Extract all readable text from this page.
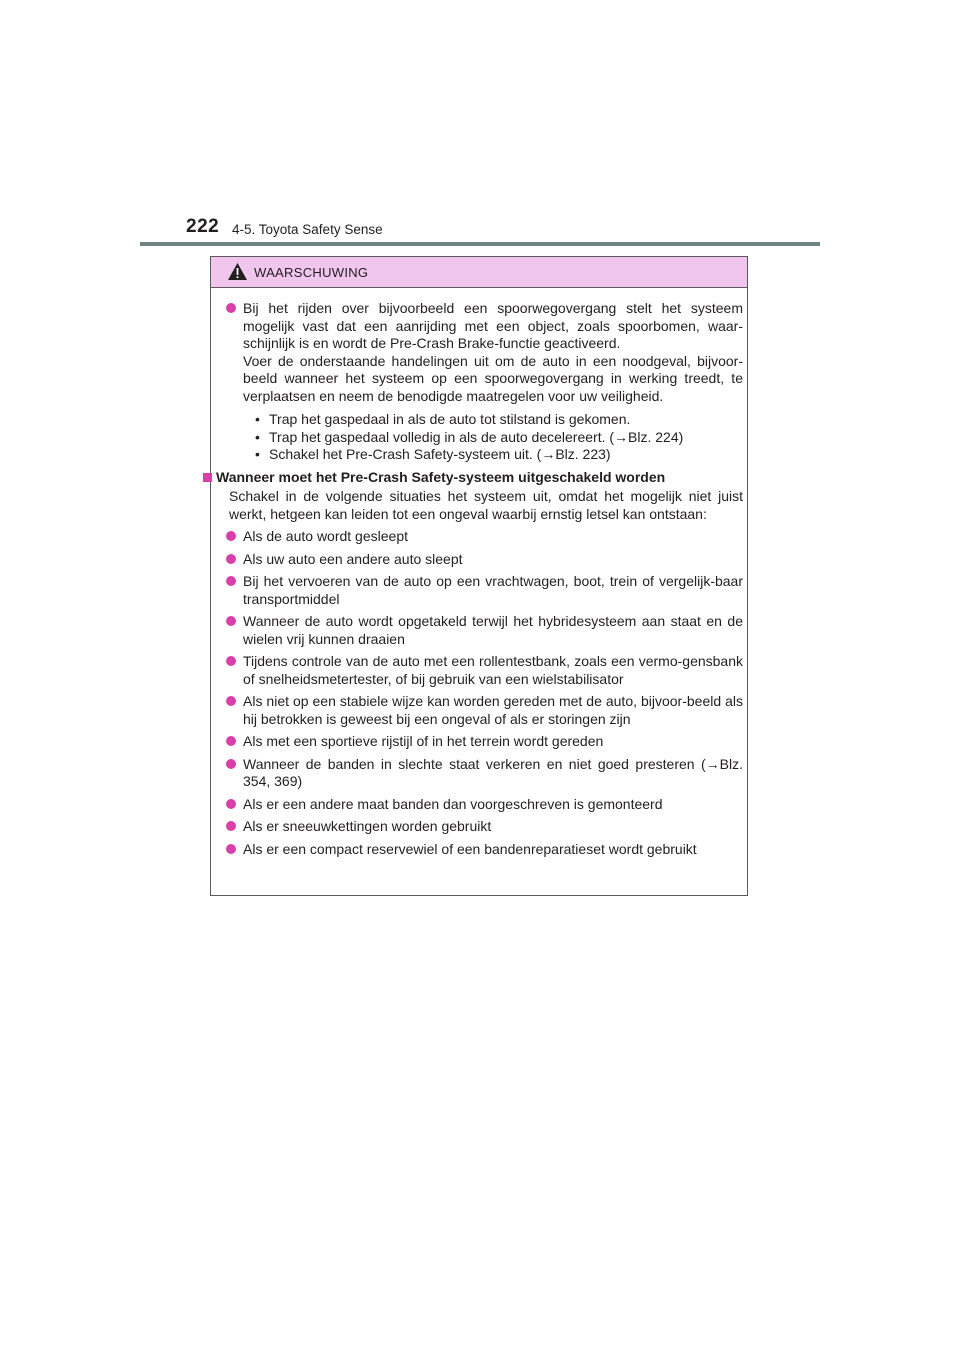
222 4-5. Toyota Safety Sense
WAARSCHUWING

Bij het rijden over bijvoorbeeld een spoorwegovergang stelt het systeem mogelijk vast dat een aanrijding met een object, zoals spoorbomen, waar-schijnlijk is en wordt de Pre-Crash Brake-functie geactiveerd.

Voer de onderstaande handelingen uit om de auto in een noodgeval, bijvoor-beeld wanneer het systeem op een spoorwegovergang in werking treedt, te verplaatsen en neem de benodigde maatregelen voor uw veiligheid.

• Trap het gaspedaal in als de auto tot stilstand is gekomen.
• Trap het gaspedaal volledig in als de auto decelereert. (→Blz. 224)
• Schakel het Pre-Crash Safety-systeem uit. (→Blz. 223)
Wanneer moet het Pre-Crash Safety-systeem uitgeschakeld worden
Schakel in de volgende situaties het systeem uit, omdat het mogelijk niet juist werkt, hetgeen kan leiden tot een ongeval waarbij ernstig letsel kan ontstaan:

Als de auto wordt gesleept

Als uw auto een andere auto sleept

Bij het vervoeren van de auto op een vrachtwagen, boot, trein of vergelijk-baar transportmiddel

Wanneer de auto wordt opgetakeld terwijl het hybridesysteem aan staat en de wielen vrij kunnen draaien

Tijdens controle van de auto met een rollentestbank, zoals een vermo-gensbank of snelheidsmetertester, of bij gebruik van een wielstabilisator

Als niet op een stabiele wijze kan worden gereden met de auto, bijvoor-beeld als hij betrokken is geweest bij een ongeval of als er storingen zijn

Als met een sportieve rijstijl of in het terrein wordt gereden

Wanneer de banden in slechte staat verkeren en niet goed presteren (→Blz. 354, 369)

Als er een andere maat banden dan voorgeschreven is gemonteerd

Als er sneeuwkettingen worden gebruikt

Als er een compact reservewiel of een bandenreparatieset wordt gebruikt
